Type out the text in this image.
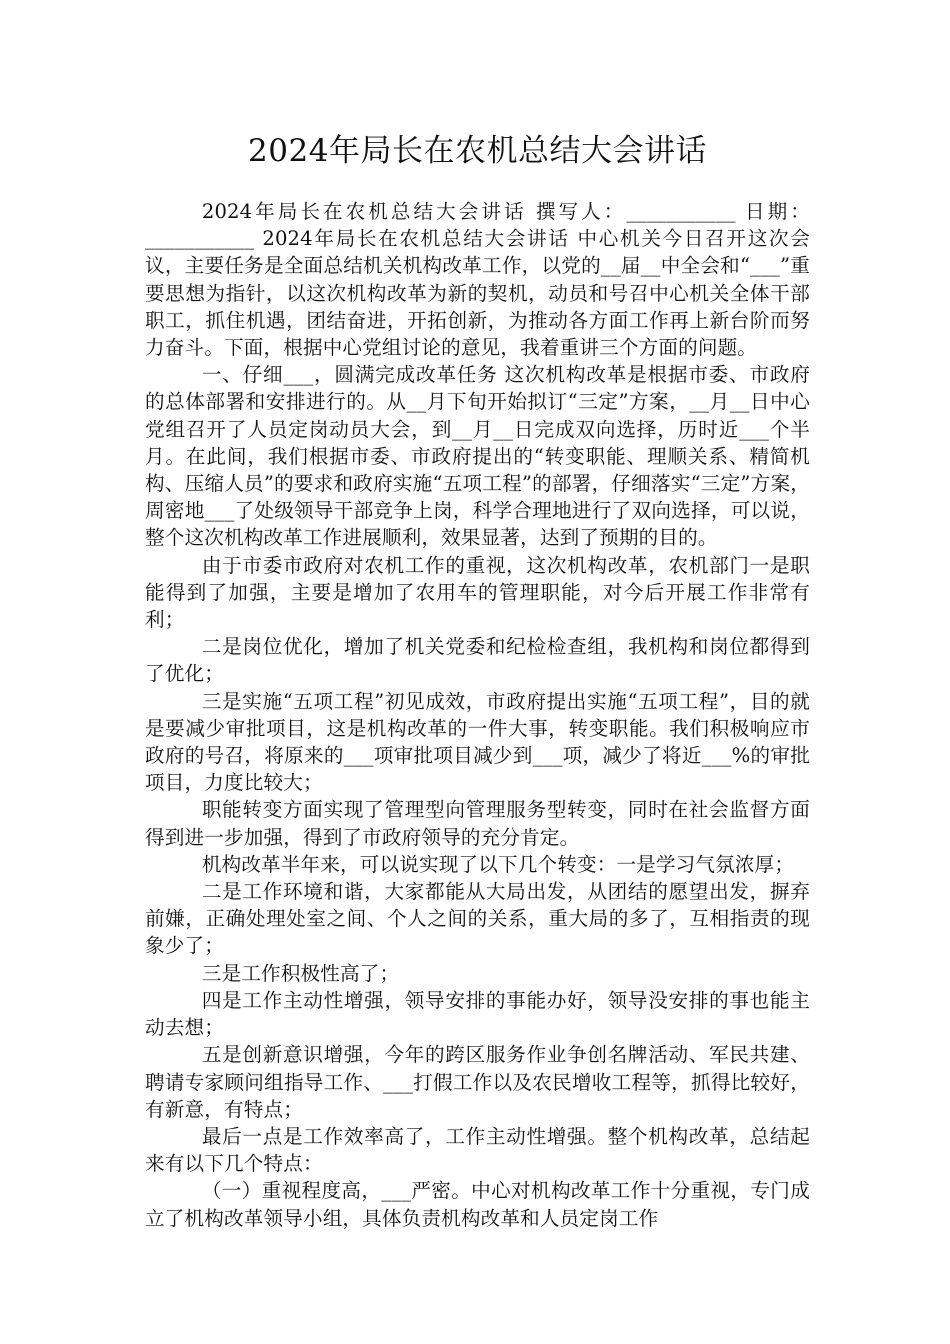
2024年局长在农机总结大会讲话

2024年局长在农机总结大会讲话 撰写人：___________ 日期：___________ 2024年局长在农机总结大会讲话 中心机关今日召开这次会议，主要任务是全面总结机关机构改革工作，以党的__届__中全会和“___”重要思想为指针，以这次机构改革为新的契机，动员和号召中心机关全体干部职工，抓住机遇，团结奋进，开拓创新，为推动各方面工作再上新台阶而努力奋斗。下面，根据中心党组讨论的意见，我着重讲三个方面的问题。

一、仔细___，圆满完成改革任务 这次机构改革是根据市委、市政府的总体部署和安排进行的。从__月下旬开始拟订“三定”方案，__月__日中心党组召开了人员定岗动员大会，到__月__日完成双向选择，历时近___个半月。在此间，我们根据市委、市政府提出的“转变职能、理顺关系、精简机构、压缩人员”的要求和政府实施“五项工程”的部署，仔细落实“三定”方案，周密地___了处级领导干部竞争上岗，科学合理地进行了双向选择，可以说，整个这次机构改革工作进展顺利，效果显著，达到了预期的目的。

由于市委市政府对农机工作的重视，这次机构改革，农机部门一是职能得到了加强，主要是增加了农用车的管理职能，对今后开展工作非常有利；

二是岗位优化，增加了机关党委和纪检检查组，我机构和岗位都得到了优化；

三是实施“五项工程”初见成效，市政府提出实施“五项工程”，目的就是要减少审批项目，这是机构改革的一件大事，转变职能。我们积极响应市政府的号召，将原来的___项审批项目减少到___项，减少了将近___%的审批项目，力度比较大；

职能转变方面实现了管理型向管理服务型转变，同时在社会监督方面得到进一步加强，得到了市政府领导的充分肯定。

机构改革半年来，可以说实现了以下几个转变：一是学习气氛浓厚；

二是工作环境和谐，大家都能从大局出发，从团结的愿望出发，摒弃前嫌，正确处理处室之间、个人之间的关系，重大局的多了，互相指责的现象少了；

三是工作积极性高了；

四是工作主动性增强，领导安排的事能办好，领导没安排的事也能主动去想；

五是创新意识增强，今年的跨区服务作业争创名牌活动、军民共建、聘请专家顾问组指导工作、___打假工作以及农民增收工程等，抓得比较好，有新意，有特点；

最后一点是工作效率高了，工作主动性增强。整个机构改革，总结起来有以下几个特点：

（一）重视程度高，___严密。中心对机构改革工作十分重视，专门成立了机构改革领导小组，具体负责机构改革和人员定岗工作
